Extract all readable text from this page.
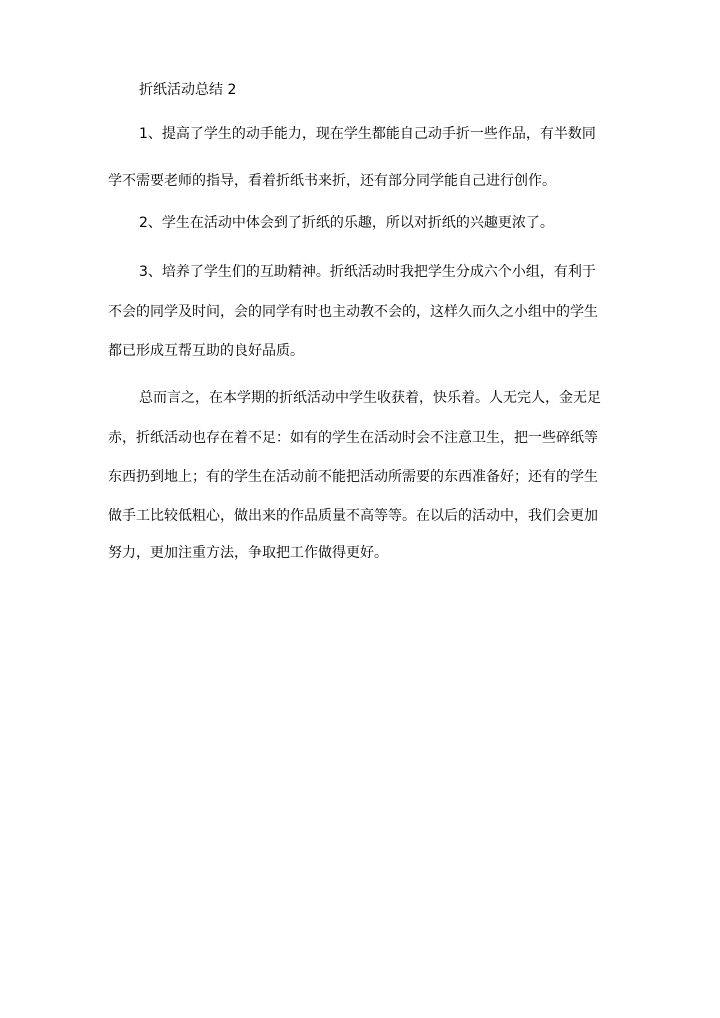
折纸活动总结 2
1、提高了学生的动手能力，现在学生都能自己动手折一些作品，有半数同
学不需要老师的指导，看着折纸书来折，还有部分同学能自己进行创作。
2、学生在活动中体会到了折纸的乐趣，所以对折纸的兴趣更浓了。
3、培养了学生们的互助精神。折纸活动时我把学生分成六个小组，有利于
不会的同学及时问，会的同学有时也主动教不会的，这样久而久之小组中的学生
都已形成互帮互助的良好品质。
总而言之，在本学期的折纸活动中学生收获着，快乐着。人无完人，金无足
赤，折纸活动也存在着不足：如有的学生在活动时会不注意卫生，把一些碎纸等
东西扔到地上；有的学生在活动前不能把活动所需要的东西准备好；还有的学生
做手工比较低粗心，做出来的作品质量不高等等。在以后的活动中，我们会更加
努力，更加注重方法，争取把工作做得更好。
